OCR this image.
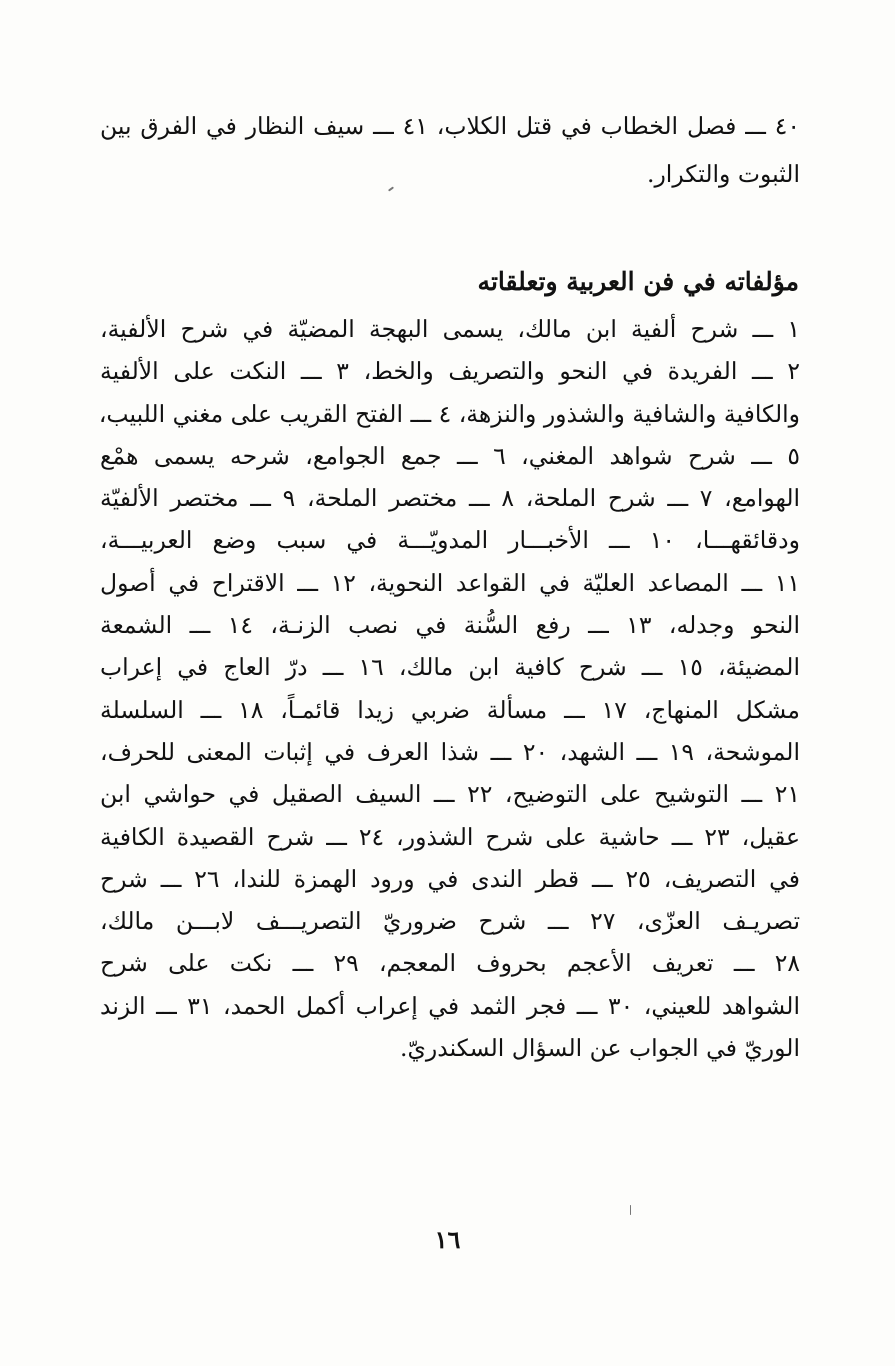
٤٠ ـــ فصل الخطاب في قتل الكلاب، ٤١ ـــ سيف النظار في الفرق بين
الثبوت والتكرار.
مؤلفاته في فن العربية وتعلقاته
١ ـــ شرح ألفية ابن مالك، يسمى البهجة المضيّة في شرح الألفية،
٢ ـــ الفريدة في النحو والتصريف والخط، ٣ ـــ النكت على الألفية
والكافية والشافية والشذور والنزهة، ٤ ـــ الفتح القريب على مغني اللبيب،
٥ ـــ شرح شواهد المغني، ٦ ـــ جمع الجوامع، شرحه يسمى همْع
الهوامع، ٧ ـــ شرح الملحة، ٨ ـــ مختصر الملحة، ٩ ـــ مختصر الألفيّة
ودقائقهـــا، ١٠ ـــ الأخبـــار المدويّـــة في سبب وضع العربيـــة،
١١ ـــ المصاعد العليّة في القواعد النحوية، ١٢ ـــ الاقتراح في أصول
النحو وجدله، ١٣ ـــ رفع السُّنة في نصب الزنـة، ١٤ ـــ الشمعة
المضيئة، ١٥ ـــ شرح كافية ابن مالك، ١٦ ـــ درّ العاج في إعراب
مشكل المنهاج، ١٧ ـــ مسألة ضربي زيدا قائمـاً، ١٨ ـــ السلسلة
الموشحة، ١٩ ـــ الشهد، ٢٠ ـــ شذا العرف في إثبات المعنى للحرف،
٢١ ـــ التوشيح على التوضيح، ٢٢ ـــ السيف الصقيل في حواشي ابن
عقيل، ٢٣ ـــ حاشية على شرح الشذور، ٢٤ ـــ شرح القصيدة الكافية
في التصريف، ٢٥ ـــ قطر الندى في ورود الهمزة للندا، ٢٦ ـــ شرح
تصريـف العزّى، ٢٧ ـــ شرح ضروريّ التصريـــف لابـــن مالك،
٢٨ ـــ تعريف الأعجم بحروف المعجم، ٢٩ ـــ نكت على شرح
الشواهد للعيني، ٣٠ ـــ فجر الثمد في إعراب أكمل الحمد، ٣١ ـــ الزند
الوريّ في الجواب عن السؤال السكندريّ.
١٦
